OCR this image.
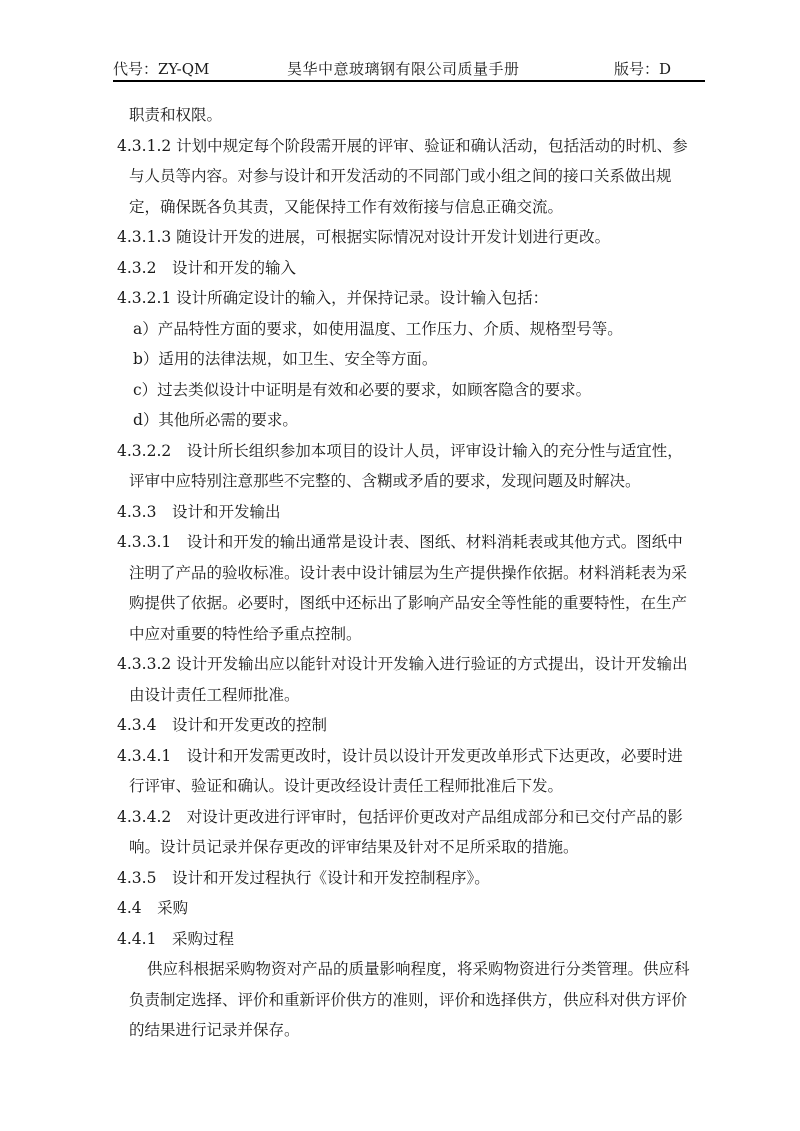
代号：ZY-QM	昊华中意玻璃钢有限公司质量手册	版号：D
职责和权限。
4.3.1.2 计划中规定每个阶段需开展的评审、验证和确认活动，包括活动的时机、参
与人员等内容。对参与设计和开发活动的不同部门或小组之间的接口关系做出规
定，确保既各负其责，又能保持工作有效衔接与信息正确交流。
4.3.1.3 随设计开发的进展，可根据实际情况对设计开发计划进行更改。
4.3.2　设计和开发的输入
4.3.2.1 设计所确定设计的输入，并保持记录。设计输入包括：
a）产品特性方面的要求，如使用温度、工作压力、介质、规格型号等。
b）适用的法律法规，如卫生、安全等方面。
c）过去类似设计中证明是有效和必要的要求，如顾客隐含的要求。
d）其他所必需的要求。
4.3.2.2　设计所长组织参加本项目的设计人员，评审设计输入的充分性与适宜性，
评审中应特别注意那些不完整的、含糊或矛盾的要求，发现问题及时解决。
4.3.3　设计和开发输出
4.3.3.1　设计和开发的输出通常是设计表、图纸、材料消耗表或其他方式。图纸中
注明了产品的验收标准。设计表中设计铺层为生产提供操作依据。材料消耗表为采
购提供了依据。必要时，图纸中还标出了影响产品安全等性能的重要特性，在生产
中应对重要的特性给予重点控制。
4.3.3.2 设计开发输出应以能针对设计开发输入进行验证的方式提出，设计开发输出
由设计责任工程师批准。
4.3.4　设计和开发更改的控制
4.3.4.1　设计和开发需更改时，设计员以设计开发更改单形式下达更改，必要时进
行评审、验证和确认。设计更改经设计责任工程师批准后下发。
4.3.4.2　对设计更改进行评审时，包括评价更改对产品组成部分和已交付产品的影
响。设计员记录并保存更改的评审结果及针对不足所采取的措施。
4.3.5　设计和开发过程执行《设计和开发控制程序》。
4.4　采购
4.4.1　采购过程
供应科根据采购物资对产品的质量影响程度，将采购物资进行分类管理。供应科
负责制定选择、评价和重新评价供方的准则，评价和选择供方，供应科对供方评价
的结果进行记录并保存。
